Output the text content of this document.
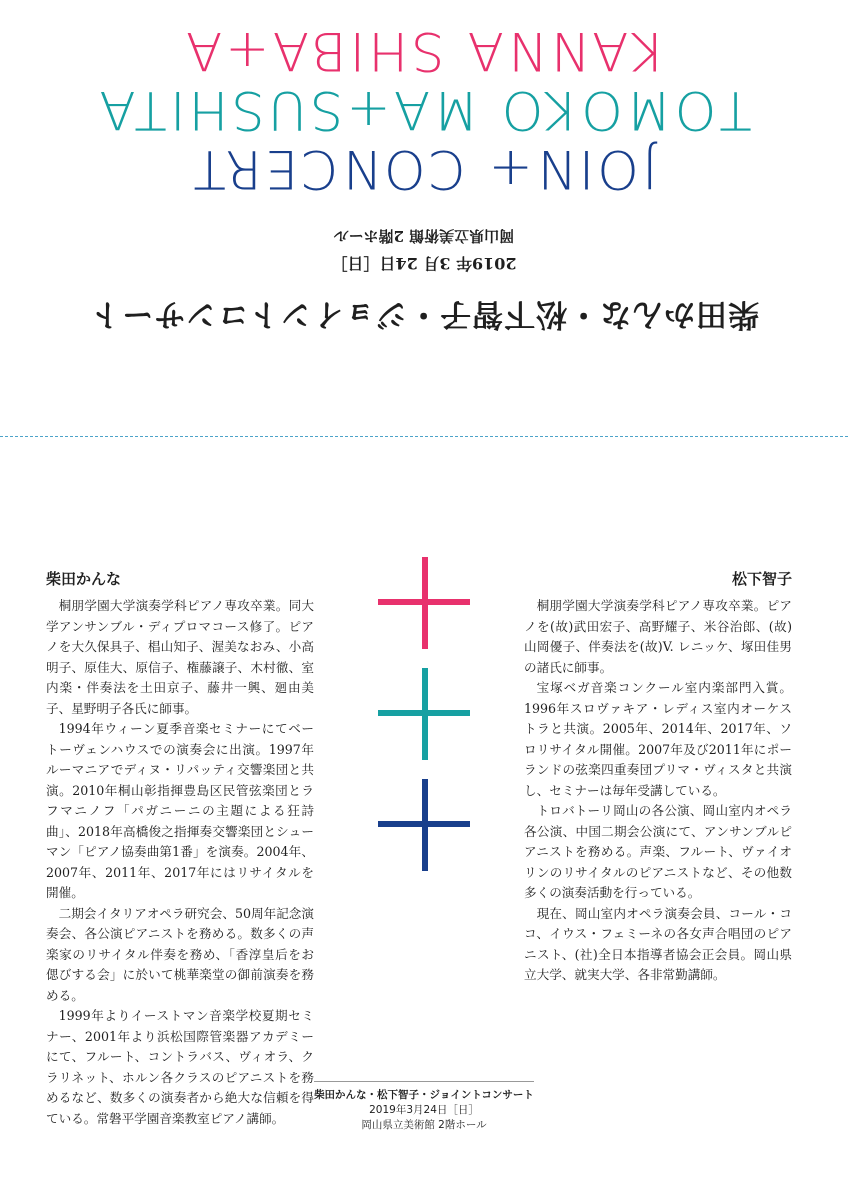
KANNA SHIBA+A
TOMOKO MA+SUSHITA
JOIN+ CONCERT
柴田かんな・松下智子・ジョイントコンサート
2019年 3月 24日［日］
岡山県立美術館 2階ホール
柴田かんな

桐朋学園大学演奏学科ピアノ専攻卒業。同大学アンサンブル・ディプロマコース修了。ピアノを大久保具子、椙山知子、渥美なおみ、小高明子、原佳大、原信子、権藤譲子、木村徹、室内楽・伴奏法を土田京子、藤井一興、廻由美子、星野明子各氏に師事。

1994年ウィーン夏季音楽セミナーにてベートーヴェンハウスでの演奏会に出演。1997年ルーマニアでディヌ・リパッティ交響楽団と共演。2010年桐山彰指揮豊島区民管弦楽団とラフマニノフ「パガニーニの主題による狂詩曲」、2018年高橋俊之指揮奏交響楽団とシューマン「ピアノ協奏曲第1番」を演奏。2004年、2007年、2011年、2017年にはリサイタルを開催。

二期会イタリアオペラ研究会、50周年記念演奏会、各公演ピアニストを務める。数多くの声楽家のリサイタル伴奏を務め、「香淳皇后をお偲びする会」に於いて桃華楽堂の御前演奏を務める。

1999年よりイーストマン音楽学校夏期セミナー、2001年より浜松国際管楽器アカデミーにて、フルート、コントラバス、ヴィオラ、クラリネット、ホルン各クラスのピアニストを務めるなど、数多くの演奏者から絶大な信頼を得ている。常磐平学園音楽教室ピアノ講師。

松下智子

桐朋学園大学演奏学科ピアノ専攻卒業。ピアノを(故)武田宏子、高野耀子、米谷治郎、(故)山岡優子、伴奏法を(故)V. レニッケ、塚田佳男の諸氏に師事。

宝塚ベガ音楽コンクール室内楽部門入賞。1996年スロヴァキア・レディス室内オーケストラと共演。2005年、2014年、2017年、ソロリサイタル開催。2007年及び2011年にポーランドの弦楽四重奏団プリマ・ヴィスタと共演し、セミナーは毎年受講している。

トロバトーリ岡山の各公演、岡山室内オペラ各公演、中国二期会公演にて、アンサンブルピアニストを務める。声楽、フルート、ヴァイオリンのリサイタルのピアニストなど、その他数多くの演奏活動を行っている。

現在、岡山室内オペラ演奏会員、コール・ココ、イウス・フェミーネの各女声合唱団のピアニスト、(社)全日本指導者協会正会員。岡山県立大学、就実大学、各非常勤講師。

柴田かんな・松下智子・ジョイントコンサート
2019年3月24日［日］
岡山県立美術館 2階ホール
